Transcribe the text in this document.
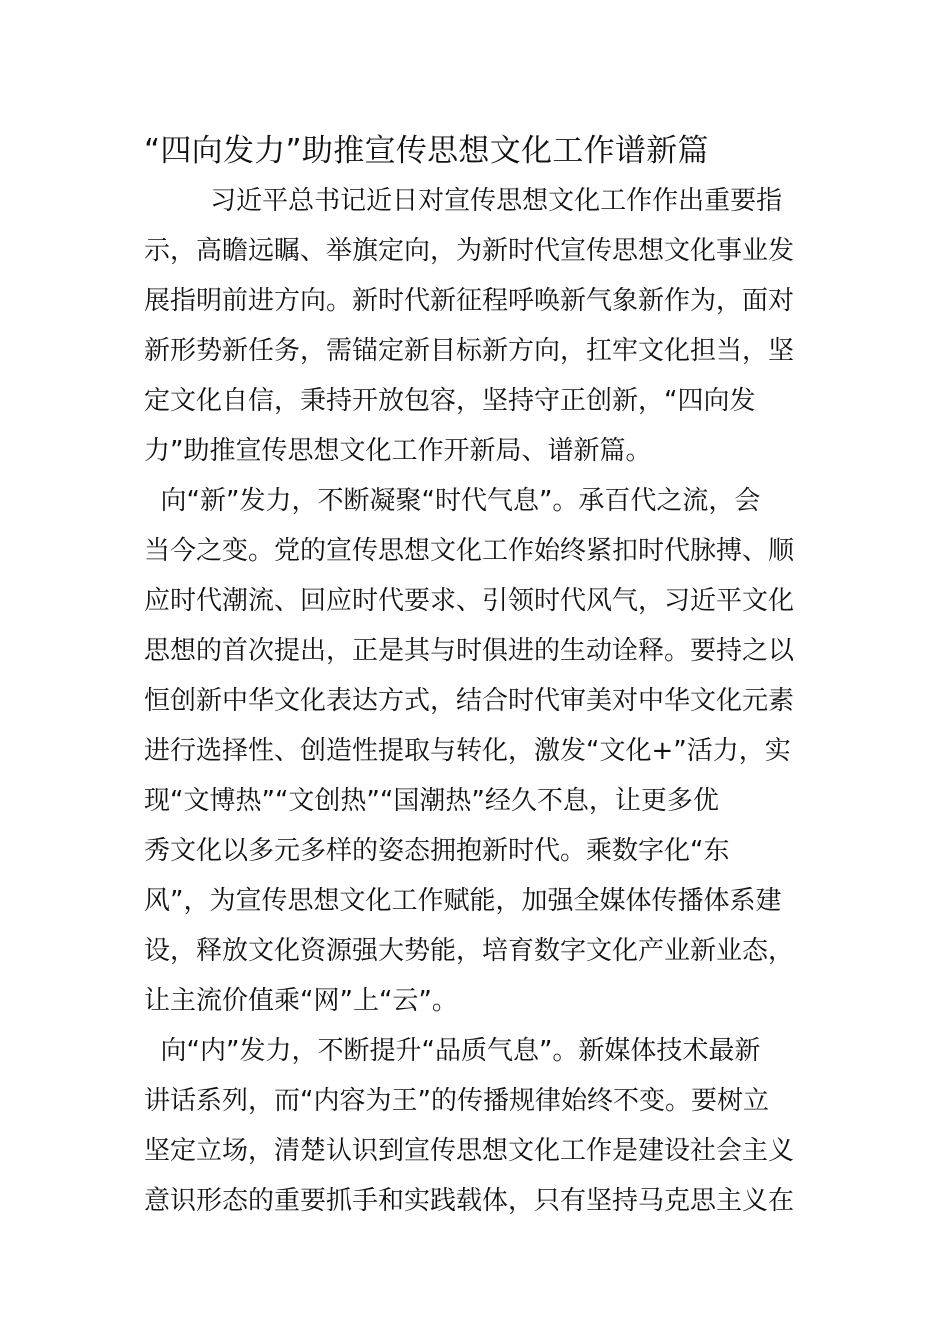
“四向发力”助推宣传思想文化工作谱新篇
习近平总书记近日对宣传思想文化工作作出重要指
示，高瞻远瞩、举旗定向，为新时代宣传思想文化事业发
展指明前进方向。新时代新征程呼唤新气象新作为，面对
新形势新任务，需锚定新目标新方向，扛牢文化担当，坚
定文化自信，秉持开放包容，坚持守正创新，“四向发
力”助推宣传思想文化工作开新局、谱新篇。
向“新”发力，不断凝聚“时代气息”。承百代之流，会
当今之变。党的宣传思想文化工作始终紧扣时代脉搏、顺
应时代潮流、回应时代要求、引领时代风气，习近平文化
思想的首次提出，正是其与时俱进的生动诠释。要持之以
恒创新中华文化表达方式，结合时代审美对中华文化元素
进行选择性、创造性提取与转化，激发“文化+”活力，实
现“文博热”“文创热”“国潮热”经久不息，让更多优
秀文化以多元多样的姿态拥抱新时代。乘数字化“东
风”，为宣传思想文化工作赋能，加强全媒体传播体系建
设，释放文化资源强大势能，培育数字文化产业新业态，
让主流价值乘“网”上“云”。
向“内”发力，不断提升“品质气息”。新媒体技术最新
讲话系列，而“内容为王”的传播规律始终不变。要树立
坚定立场，清楚认识到宣传思想文化工作是建设社会主义
意识形态的重要抓手和实践载体，只有坚持马克思主义在
